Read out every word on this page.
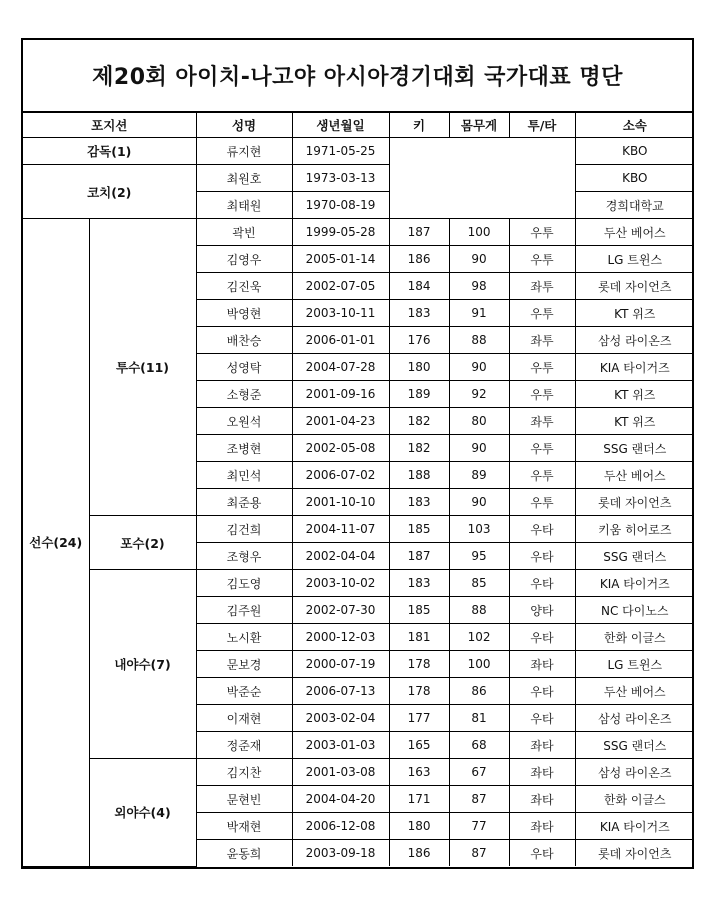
제20회 아이치-나고야 아시아경기대회 국가대표 명단
포지션		성명	생년월일	키	몸무게	투/타	소속
감독(1)		류지현	1971-05-25				KBO
코치(2)		최원호	1973-03-13				KBO
		최태원	1970-08-19				경희대학교
선수(24)	투수(11)	곽빈	1999-05-28	187	100	우투	두산 베어스
		김영우	2005-01-14	186	90	우투	LG 트윈스
		김진욱	2002-07-05	184	98	좌투	롯데 자이언츠
		박영현	2003-10-11	183	91	우투	KT 위즈
		배찬승	2006-01-01	176	88	좌투	삼성 라이온즈
		성영탁	2004-07-28	180	90	우투	KIA 타이거즈
		소형준	2001-09-16	189	92	우투	KT 위즈
		오원석	2001-04-23	182	80	좌투	KT 위즈
		조병현	2002-05-08	182	90	우투	SSG 랜더스
		최민석	2006-07-02	188	89	우투	두산 베어스
		최준용	2001-10-10	183	90	우투	롯데 자이언츠
	포수(2)	김건희	2004-11-07	185	103	우타	키움 히어로즈
		조형우	2002-04-04	187	95	우타	SSG 랜더스
	내야수(7)	김도영	2003-10-02	183	85	우타	KIA 타이거즈
		김주원	2002-07-30	185	88	양타	NC 다이노스
		노시환	2000-12-03	181	102	우타	한화 이글스
		문보경	2000-07-19	178	100	좌타	LG 트윈스
		박준순	2006-07-13	178	86	우타	두산 베어스
		이재현	2003-02-04	177	81	우타	삼성 라이온즈
		정준재	2003-01-03	165	68	좌타	SSG 랜더스
	외야수(4)	김지찬	2001-03-08	163	67	좌타	삼성 라이온즈
		문현빈	2004-04-20	171	87	좌타	한화 이글스
		박재현	2006-12-08	180	77	좌타	KIA 타이거즈
		윤동희	2003-09-18	186	87	우타	롯데 자이언츠
